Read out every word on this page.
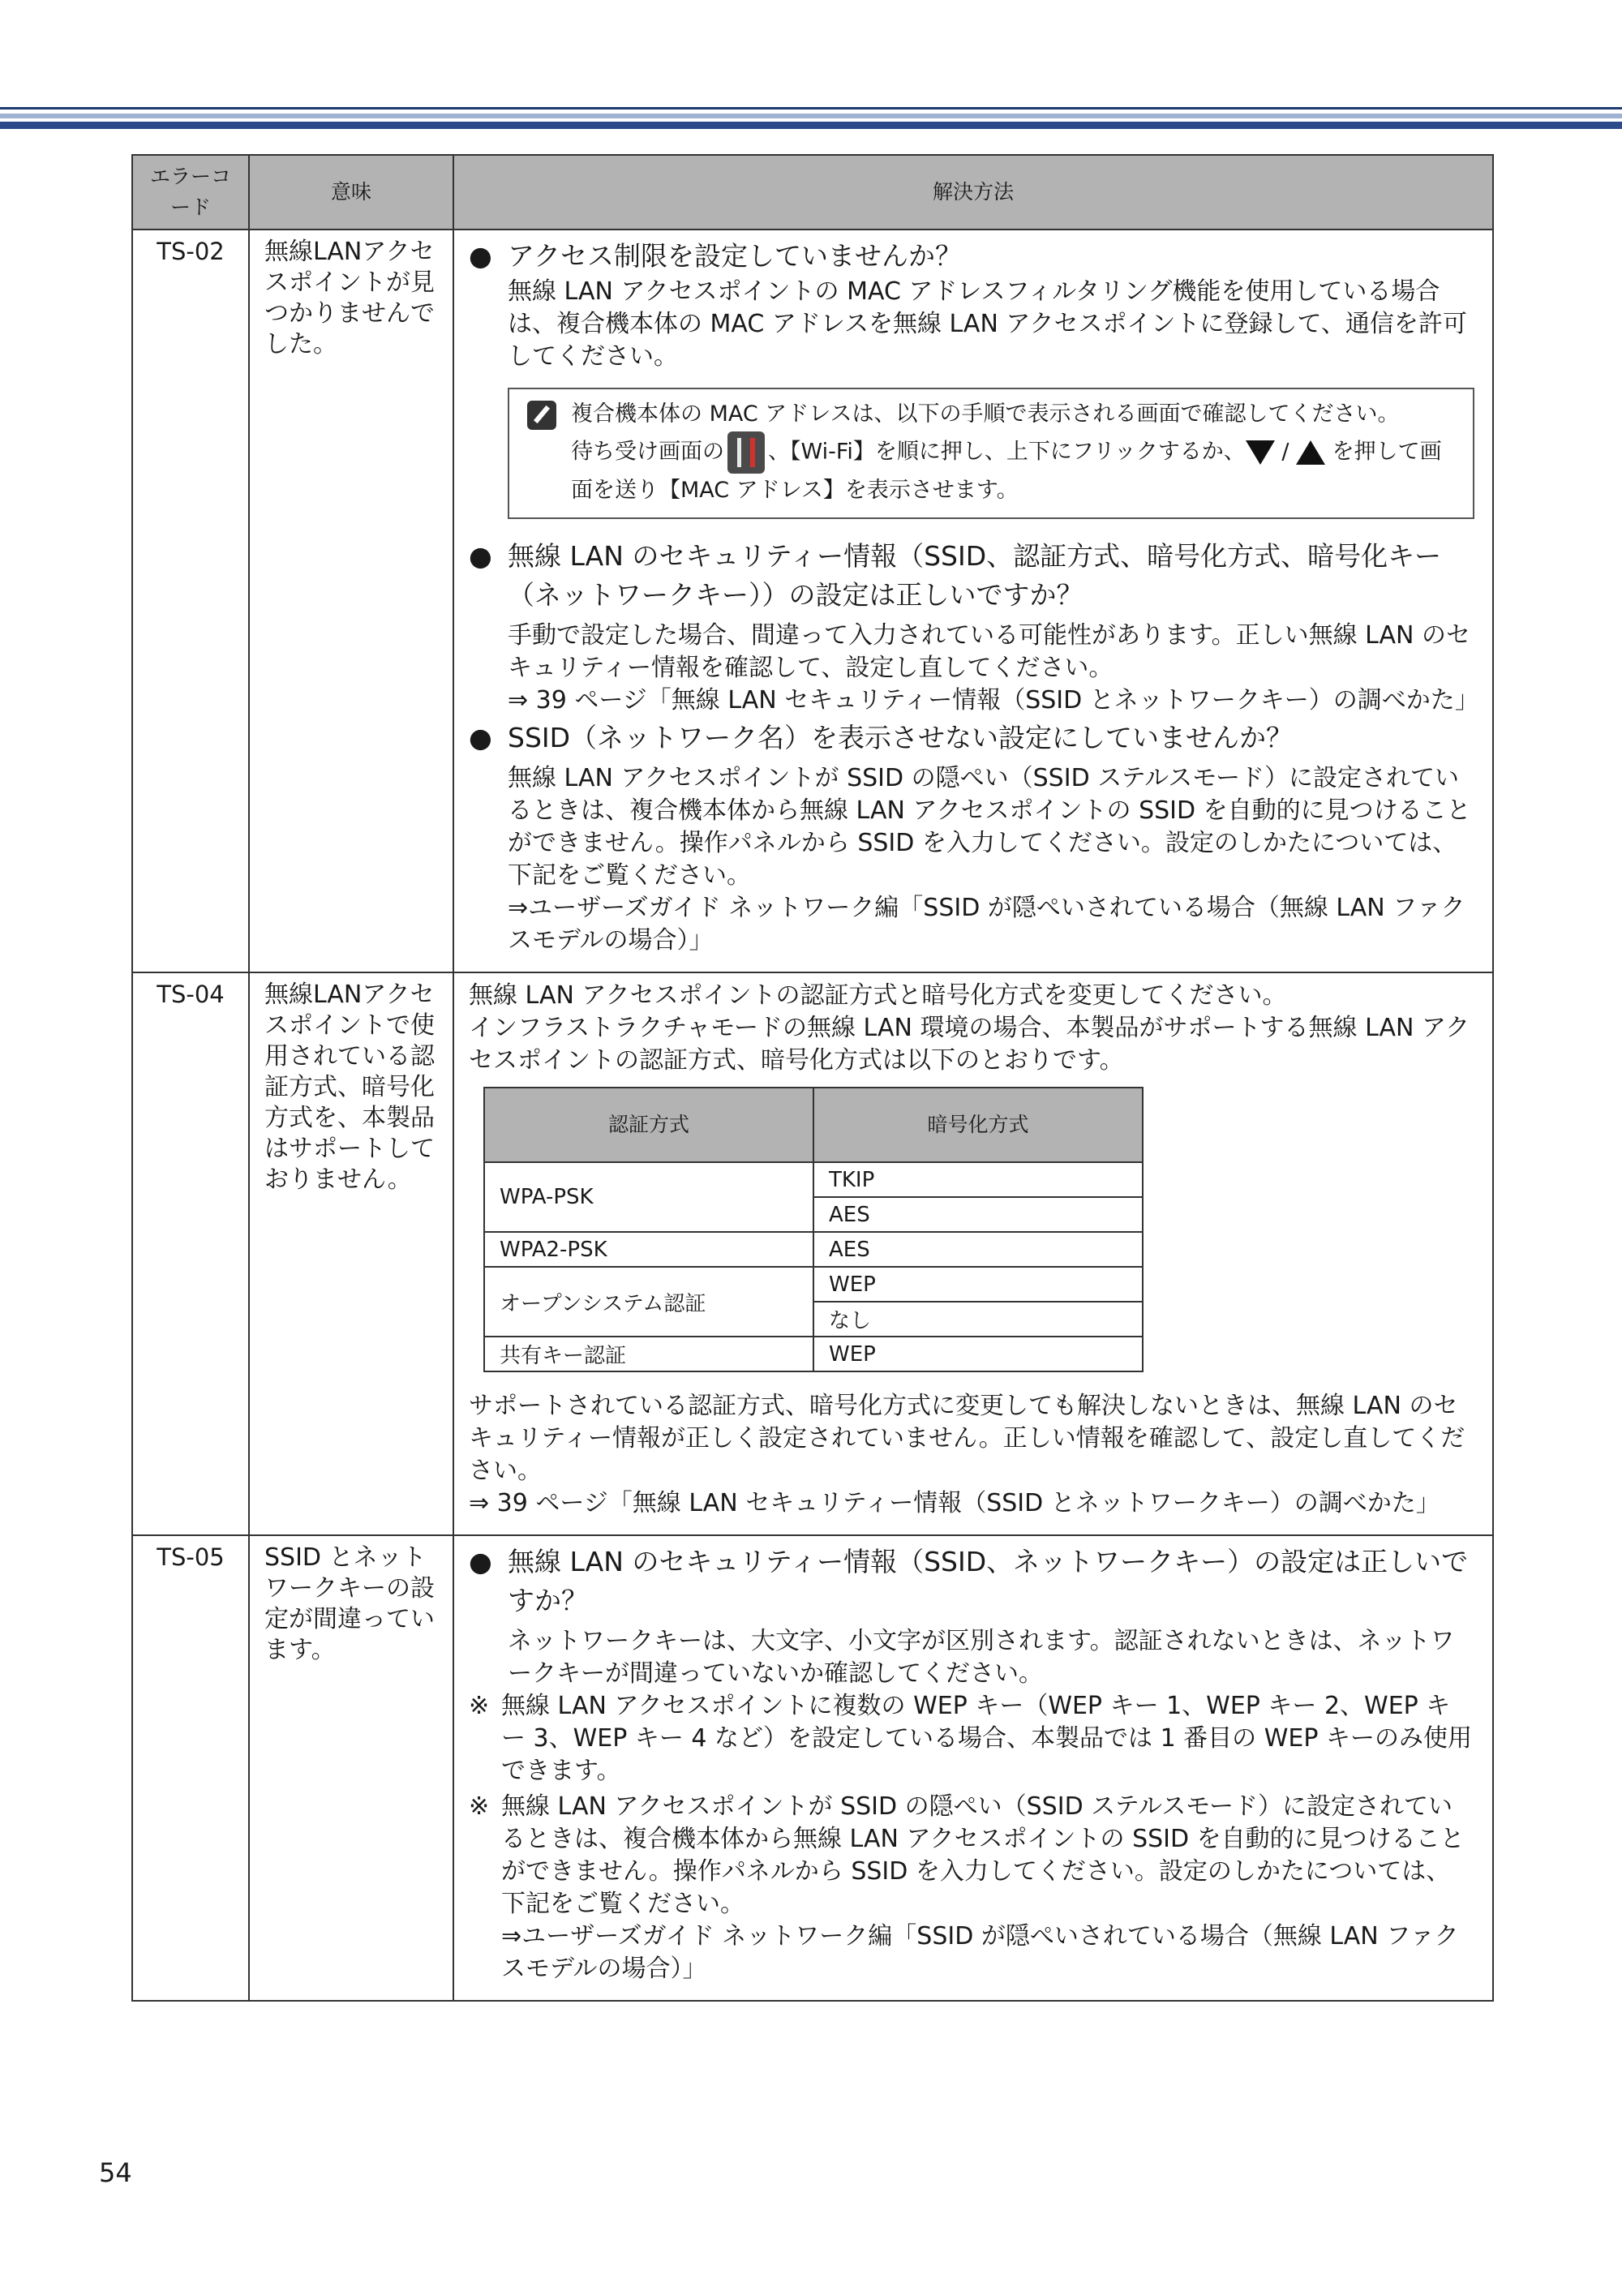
エラーコード	意味	解決方法
TS-02	無線LANアクセスポイントが見つかりませんでした。	
● アクセス制限を設定していませんか？
無線 LAN アクセスポイントの MAC アドレスフィルタリング機能を使用している場合は、複合機本体の MAC アドレスを無線 LAN アクセスポイントに登録して、通信を許可してください。
複合機本体の MAC アドレスは、以下の手順で表示される画面で確認してください。
待ち受け画面の 、【Wi-Fi】を順に押し、上下にフリックするか、 /  を押して画面を送り【MAC アドレス】を表示させます。
● 無線 LAN のセキュリティー情報（SSID、認証方式、暗号化方式、暗号化キー（ネットワークキー））の設定は正しいですか？
手動で設定した場合、間違って入力されている可能性があります。正しい無線 LAN のセキュリティー情報を確認して、設定し直してください。
⇒ 39 ページ「無線 LAN セキュリティー情報（SSID とネットワークキー）の調べかた」
● SSID（ネットワーク名）を表示させない設定にしていませんか？
無線 LAN アクセスポイントが SSID の隠ぺい（SSID ステルスモード）に設定されているときは、複合機本体から無線 LAN アクセスポイントの SSID を自動的に見つけることができません。操作パネルから SSID を入力してください。設定のしかたについては、下記をご覧ください。
⇒ユーザーズガイド ネットワーク編「SSID が隠ぺいされている場合（無線 LAN ファクスモデルの場合）」

TS-04	無線LANアクセスポイントで使用されている認証方式、暗号化方式を、本製品はサポートしておりません。	
無線 LAN アクセスポイントの認証方式と暗号化方式を変更してください。
インフラストラクチャモードの無線 LAN 環境の場合、本製品がサポートする無線 LAN アクセスポイントの認証方式、暗号化方式は以下のとおりです。
認証方式	暗号化方式
WPA-PSK	TKIP
AES
WPA2-PSK	AES
オープンシステム認証	WEP
なし
共有キー認証	WEP
サポートされている認証方式、暗号化方式に変更しても解決しないときは、無線 LAN のセキュリティー情報が正しく設定されていません。正しい情報を確認して、設定し直してください。
⇒ 39 ページ「無線 LAN セキュリティー情報（SSID とネットワークキー）の調べかた」

TS-05	SSID とネットワークキーの設定が間違っています。	
● 無線 LAN のセキュリティー情報（SSID、ネットワークキー）の設定は正しいですか？
ネットワークキーは、大文字、小文字が区別されます。認証されないときは、ネットワークキーが間違っていないか確認してください。
※ 無線 LAN アクセスポイントに複数の WEP キー（WEP キー 1、WEP キー 2、WEP キー 3、WEP キー 4 など）を設定している場合、本製品では 1 番目の WEP キーのみ使用できます。
※ 無線 LAN アクセスポイントが SSID の隠ぺい（SSID ステルスモード）に設定されているときは、複合機本体から無線 LAN アクセスポイントの SSID を自動的に見つけることができません。操作パネルから SSID を入力してください。設定のしかたについては、下記をご覧ください。
⇒ユーザーズガイド ネットワーク編「SSID が隠ぺいされている場合（無線 LAN ファクスモデルの場合）」
54
